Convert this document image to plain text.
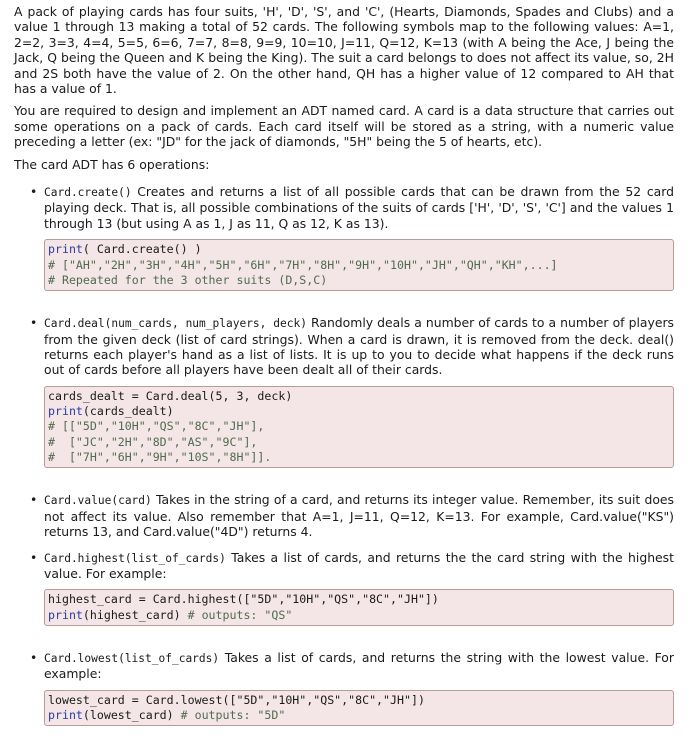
A pack of playing cards has four suits, 'H', 'D', 'S', and 'C', (Hearts, Diamonds, Spades and Clubs) and a value 1 through 13 making a total of 52 cards. The following symbols map to the following values: A=1, 2=2, 3=3, 4=4, 5=5, 6=6, 7=7, 8=8, 9=9, 10=10, J=11, Q=12, K=13 (with A being the Ace, J being the Jack, Q being the Queen and K being the King). The suit a card belongs to does not affect its value, so, 2H and 2S both have the value of 2. On the other hand, QH has a higher value of 12 compared to AH that has a value of 1.

You are required to design and implement an ADT named card. A card is a data structure that carries out some operations on a pack of cards. Each card itself will be stored as a string, with a numeric value preceding a letter (ex: "JD" for the jack of diamonds, "5H" being the 5 of hearts, etc).

The card ADT has 6 operations:

• Card.create() Creates and returns a list of all possible cards that can be drawn from the 52 card playing deck. That is, all possible combinations of the suits of cards ['H', 'D', 'S', 'C'] and the values 1 through 13 (but using A as 1, J as 11, Q as 12, K as 13).

print( Card.create() )
# ["AH","2H","3H","4H","5H","6H","7H","8H","9H","10H","JH","QH","KH",...]
# Repeated for the 3 other suits (D,S,C)
• Card.deal(num_cards, num_players, deck) Randomly deals a number of cards to a number of players from the given deck (list of card strings). When a card is drawn, it is removed from the deck. deal() returns each player's hand as a list of lists. It is up to you to decide what happens if the deck runs out of cards before all players have been dealt all of their cards.

cards_dealt = Card.deal(5, 3, deck)
print(cards_dealt)
# [["5D","10H","QS","8C","JH"],
#  ["JC","2H","8D","AS","9C"],
#  ["7H","6H","9H","10S","8H"]].
• Card.value(card) Takes in the string of a card, and returns its integer value. Remember, its suit does not affect its value. Also remember that A=1, J=11, Q=12, K=13. For example, Card.value("KS") returns 13, and Card.value("4D") returns 4.

• Card.highest(list_of_cards) Takes a list of cards, and returns the the card string with the highest value. For example:

highest_card = Card.highest(["5D","10H","QS","8C","JH"])
print(highest_card) # outputs: "QS"
• Card.lowest(list_of_cards) Takes a list of cards, and returns the string with the lowest value. For example:

lowest_card = Card.lowest(["5D","10H","QS","8C","JH"])
print(lowest_card) # outputs: "5D"
